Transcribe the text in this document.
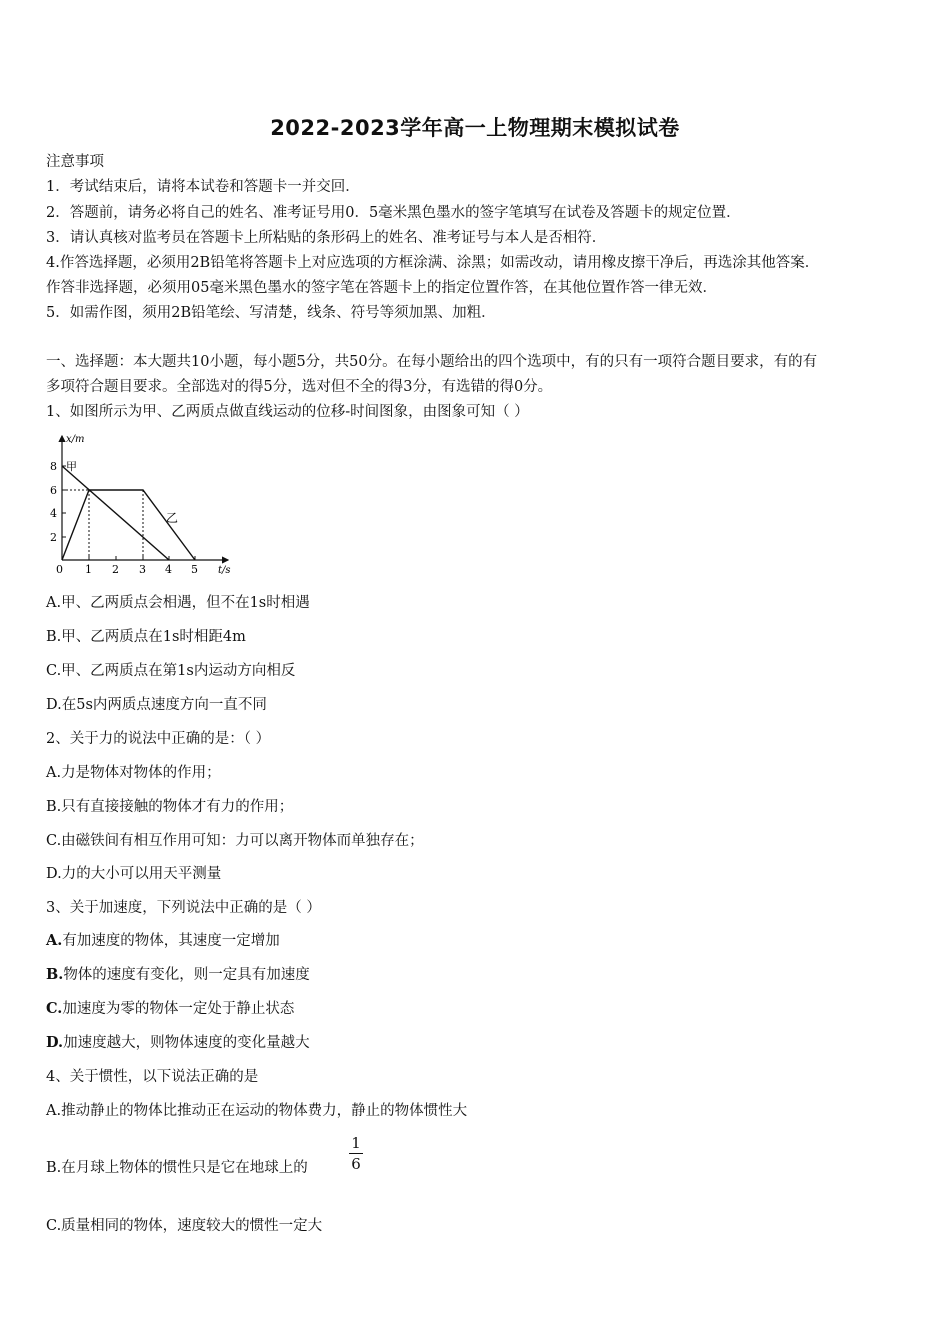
2022-2023学年高一上物理期末模拟试卷
注意事项
1．考试结束后，请将本试卷和答题卡一并交回．
2．答题前，请务必将自己的姓名、准考证号用0．5毫米黑色墨水的签字笔填写在试卷及答题卡的规定位置．
3．请认真核对监考员在答题卡上所粘贴的条形码上的姓名、准考证号与本人是否相符．
4.作答选择题，必须用2B铅笔将答题卡上对应选项的方框涂满、涂黑；如需改动，请用橡皮擦干净后，再选涂其他答案．
作答非选择题，必须用05毫米黑色墨水的签字笔在答题卡上的指定位置作答，在其他位置作答一律无效．
5．如需作图，须用2B铅笔绘、写清楚，线条、符号等须加黑、加粗．
一、选择题：本大题共10小题，每小题5分，共50分。在每小题给出的四个选项中，有的只有一项符合题目要求，有的有
多项符合题目要求。全部选对的得5分，选对但不全的得3分，有选错的得0分。
1、如图所示为甲、乙两质点做直线运动的位移-时间图象，由图象可知（ ）
x/m
t/s
0
2
4
6
8
1 2 3 4 5
甲
乙
A.甲、乙两质点会相遇，但不在1s时相遇
B.甲、乙两质点在1s时相距4m
C.甲、乙两质点在第1s内运动方向相反
D.在5s内两质点速度方向一直不同
2、关于力的说法中正确的是：（ ）
A.力是物体对物体的作用；
B.只有直接接触的物体才有力的作用；
C.由磁铁间有相互作用可知：力可以离开物体而单独存在；
D.力的大小可以用天平测量
3、关于加速度，下列说法中正确的是（ ）
A.有加速度的物体，其速度一定增加
B.物体的速度有变化，则一定具有加速度
C.加速度为零的物体一定处于静止状态
D.加速度越大，则物体速度的变化量越大
4、关于惯性，以下说法正确的是
A.推动静止的物体比推动正在运动的物体费力，静止的物体惯性大
B.在月球上物体的惯性只是它在地球上的
1
6
C.质量相同的物体，速度较大的惯性一定大
